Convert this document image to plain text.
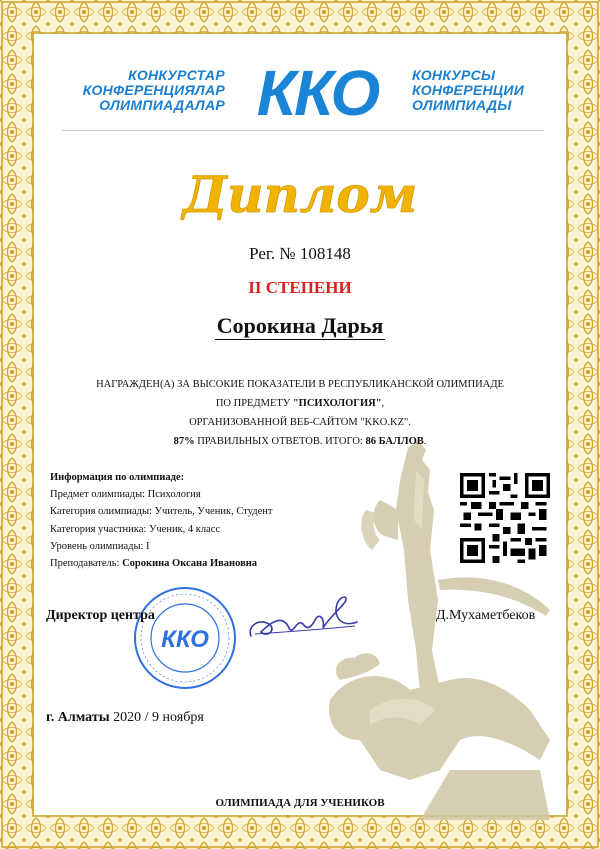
КОНКУРСТАР
КОНФЕРЕНЦИЯЛАР
ОЛИМПИАДАЛАР ККО	КОНКУРСЫ
КОНФЕРЕНЦИИ
ОЛИМПИАДЫ
Диплом
Рег. № 108148
II СТЕПЕНИ
Сорокина Дарья
НАГРАЖДЕН(А) ЗА ВЫСОКИЕ ПОКАЗАТЕЛИ В РЕСПУБЛИКАНСКОЙ ОЛИМПИАДЕ
ПО ПРЕДМЕТУ "ПСИХОЛОГИЯ",
ОРГАНИЗОВАННОЙ ВЕБ-САЙТОМ "KKO.KZ".
87% ПРАВИЛЬНЫХ ОТВЕТОВ. ИТОГО: 86 БАЛЛОВ.
Информация по олимпиаде:
Предмет олимпиады: Психология
Категория олимпиады: Учитель, Ученик, Студент
Категория участника: Ученик, 4 класс
Уровень олимпиады: I
Преподаватель: Сорокина Оксана Ивановна
ККО
Директор центра	Д.Мухаметбеков
г. Алматы 2020 / 9 ноября
ОЛИМПИАДА ДЛЯ УЧЕНИКОВ
